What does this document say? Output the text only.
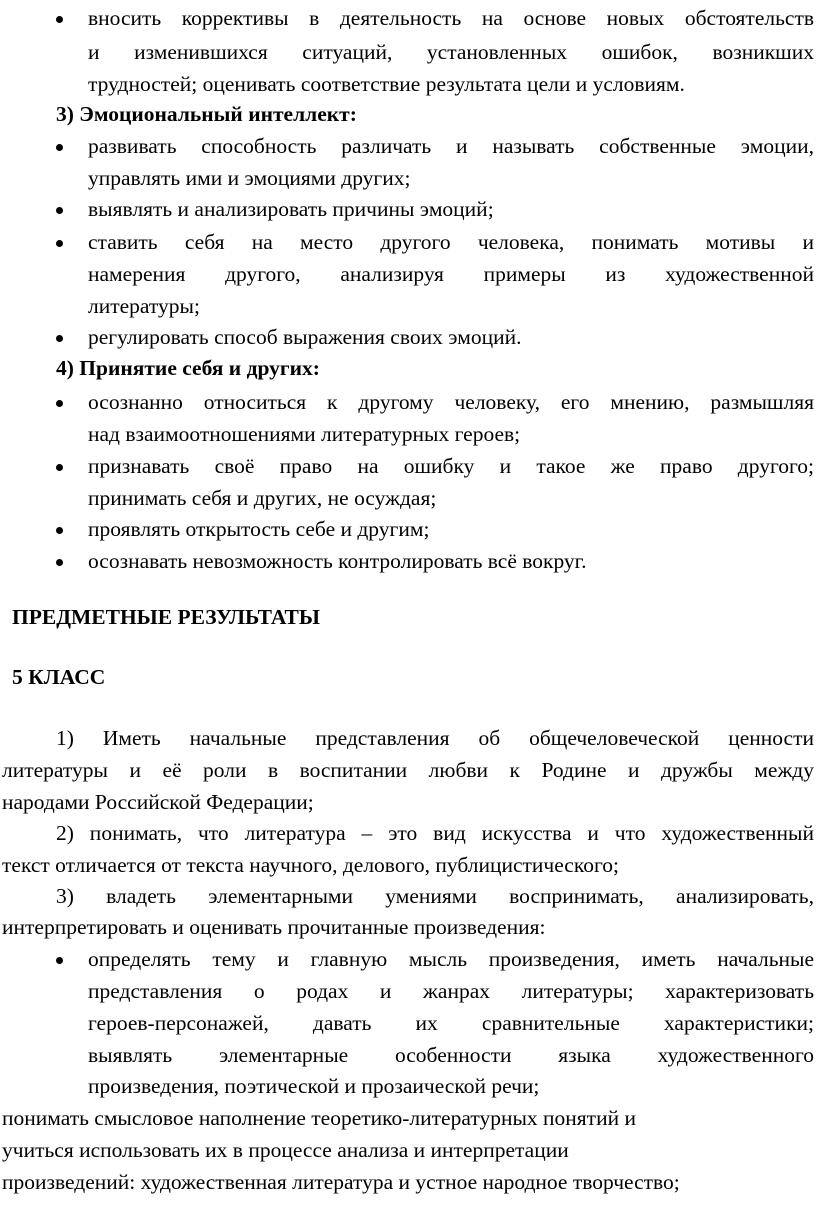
вносить коррективы в деятельность на основе новых обстоятельств
и изменившихся ситуаций, установленных ошибок, возникших
трудностей; оценивать соответствие результата цели и условиям.
3) Эмоциональный интеллект:
развивать способность различать и называть собственные эмоции,
управлять ими и эмоциями других;
выявлять и анализировать причины эмоций;
ставить себя на место другого человека, понимать мотивы и
намерения другого, анализируя примеры из художественной
литературы;
регулировать способ выражения своих эмоций.
4) Принятие себя и других:
осознанно относиться к другому человеку, его мнению, размышляя
над взаимоотношениями литературных героев;
признавать своё право на ошибку и такое же право другого;
принимать себя и других, не осуждая;
проявлять открытость себе и другим;
осознавать невозможность контролировать всё вокруг.
ПРЕДМЕТНЫЕ РЕЗУЛЬТАТЫ
5 КЛАСС
1) Иметь начальные представления об общечеловеческой ценности
литературы и её роли в воспитании любви к Родине и дружбы между
народами Российской Федерации;
2) понимать, что литература – это вид искусства и что художественный
текст отличается от текста научного, делового, публицистического;
3) владеть элементарными умениями воспринимать, анализировать,
интерпретировать и оценивать прочитанные произведения:
определять тему и главную мысль произведения, иметь начальные
представления о родах и жанрах литературы; характеризовать
героев-персонажей, давать их сравнительные характеристики;
выявлять элементарные особенности языка художественного
произведения, поэтической и прозаической речи;
понимать смысловое наполнение теоретико-литературных понятий и
учиться использовать их в процессе анализа и интерпретации
произведений: художественная литература и устное народное творчество;
